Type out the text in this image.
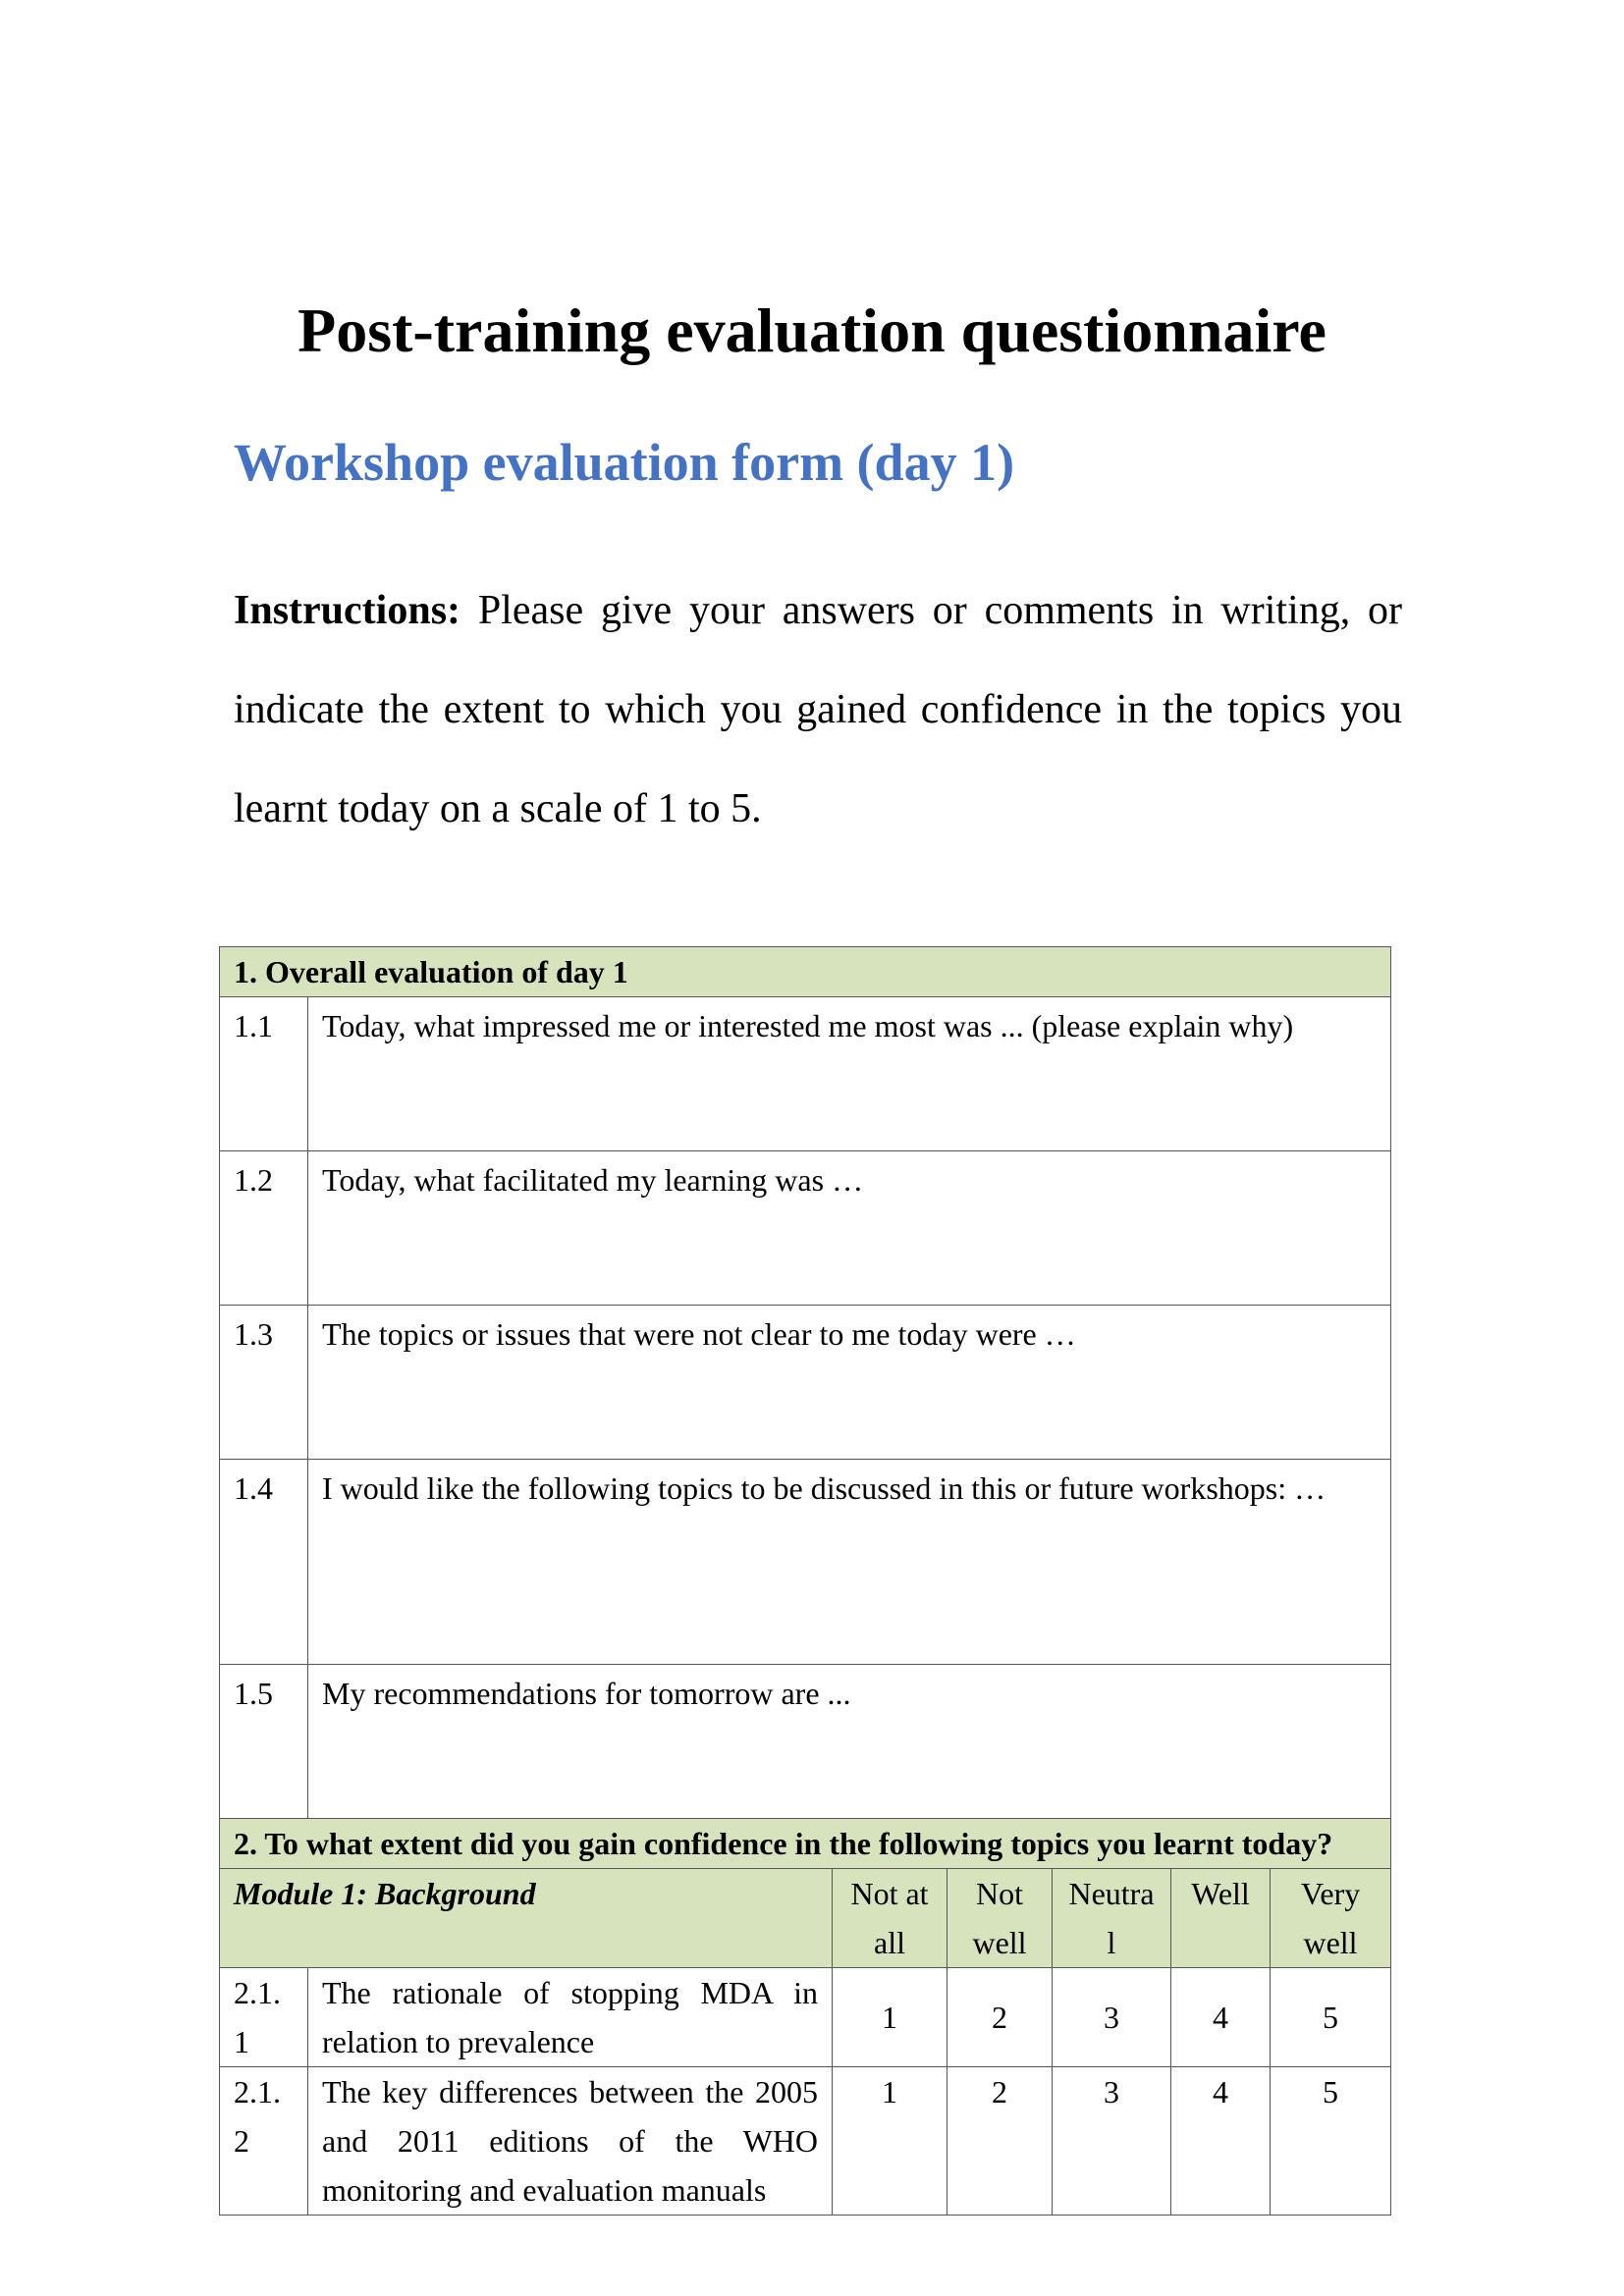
Post-training evaluation questionnaire
Workshop evaluation form (day 1)

Instructions: Please give your answers or comments in writing, or indicate the extent to which you gained confidence in the topics you learnt today on a scale of 1 to 5.

1. Overall evaluation of day 1						
1.1	Today, what impressed me or interested me most was ... (please explain why)					
1.2	Today, what facilitated my learning was …					
1.3	The topics or issues that were not clear to me today were …					
1.4	I would like the following topics to be discussed in this or future workshops: …					
1.5	My recommendations for tomorrow are ...					
2. To what extent did you gain confidence in the following topics you learnt today?						
Module 1: Background		Not at all	Not well	Neutral	Well	Very well
2.1.1	The rationale of stopping MDA in relation to prevalence	1	2	3	4	5
2.1.2	The key differences between the 2005 and 2011 editions of the WHO monitoring and evaluation manuals	1	2	3	4	5
